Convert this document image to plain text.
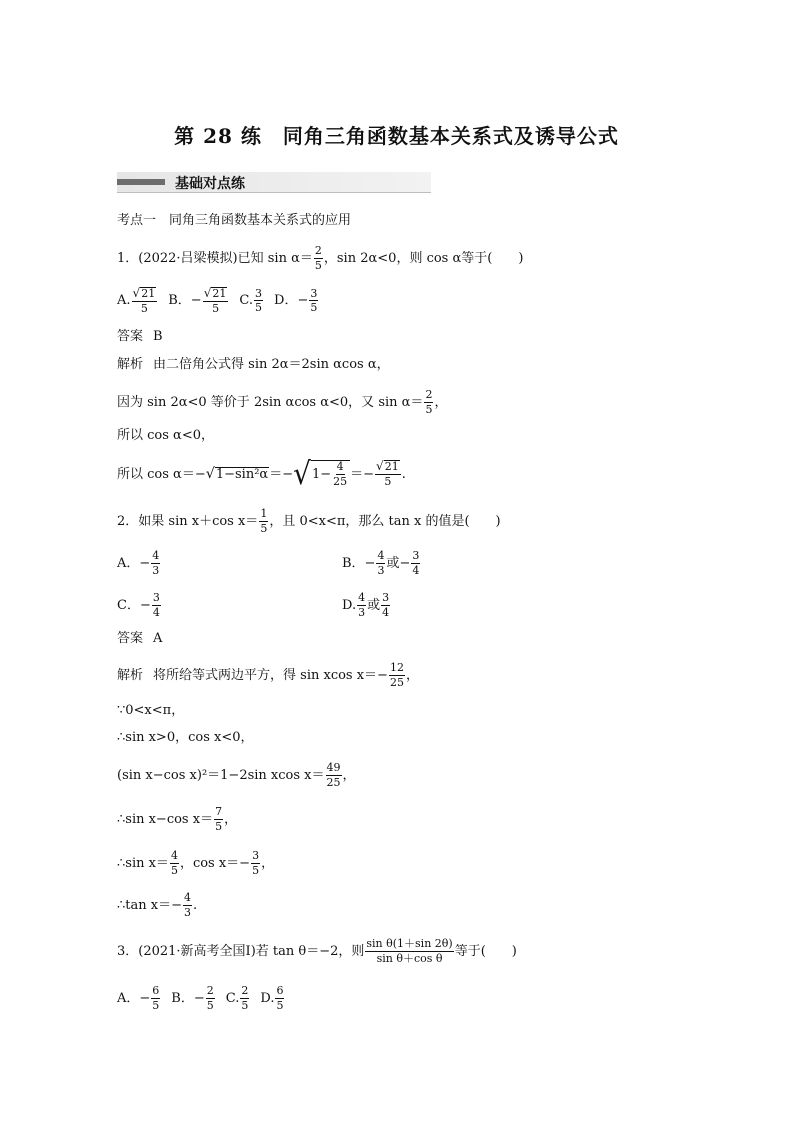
第 28 练　同角三角函数基本关系式及诱导公式
基础对点练
考点一　同角三角函数基本关系式的应用
1．(2022·吕梁模拟)已知 $\sin \alpha= \frac{2}{5}$ ，sin 2α<0，则 cos α等于(　　)
A. $\frac{√ 21}{5}$ B．− $\frac{√ 21}{5} C$. $\frac{3}{5}$ D．− $\frac{3}{5}$
答案 B
解析 由二倍角公式得 sin 2α＝2sin αcos α，
因为 sin 2α<0 等价于 2sin αcos α<0，又 $\sin \alpha= \frac{2}{5}$ ，
所以 cos α<0，
所以 cos α＝− √ 1−sin²α ＝− √ $1- \frac{4}{25} =- \frac{√ 21}{5}$ .
2．如果 sin x＋cos $x= \frac{1}{5}$ ，且 0<x<π，那么 tan x 的值是(　　)
A．− $\frac{4}{3}$	B．− $\frac{4}{3}$ 或− $\frac{3}{4}$
C．− $\frac{3}{4}$	D. $\frac{4}{3}$ 或 $\frac{3}{4}$
答案 A
解析 将所给等式两边平方，得 sin xcos $x=- \frac{12}{25}$ ，
∵0<x<π，
∴sin x>0，cos x<0，
(sin x−cos x)²＝1−2sin xcos $x= \frac{49}{25}$ ，
∴sin x−cos $x= \frac{7}{5}$ ，
∴sin $x= \frac{4}{5}$ ，$\cos x=- \frac{3}{5}$ ，
∴tan $x=- \frac{4}{3}$ .
3．(2021·新高考全国Ⅰ)若 tan θ＝−2，则 $\frac{\text{sin θ(1＋sin 2θ)}}{\text{sin θ＋cos θ}}$ 等于(　　)
A．− $\frac{6}{5}$ B．− $\frac{2}{5} C$. $\frac{2}{5} D$. $\frac{6}{5}$
